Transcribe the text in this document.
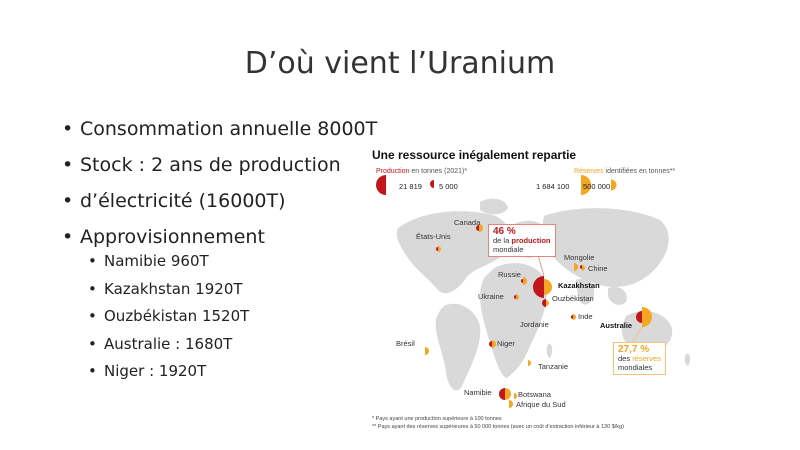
D’où vient l’Uranium
• Consommation annuelle 8000T
• Stock : 2 ans de production
• d’électricité (16000T)
• Approvisionnement
• Namibie 960T
• Kazakhstan 1920T
• Ouzbékistan 1520T
• Australie : 1680T
• Niger : 1920T
Une ressource inégalement repartie
Production en tonnes (2021)*	Réserves identifiées en tonnes**
21 819 5 000	1 684 100 500 000
Canada
États-Unis
Russie
Mongolie
Chine
Kazakhstan
Ukraine	Ouzbékistan
Inde
Jordanie	Australie
Brésil	Niger
Tanzanie
Namibie	Botswana
Afrique du Sud
46 %
de la production
mondiale
27,7 %
des réserves
mondiales
* Pays ayant une production supérieure à 100 tonnes
** Pays ayant des réserves supérieures à 50 000 tonnes (avec un coût d’extraction inférieur à 130 $/kg)
